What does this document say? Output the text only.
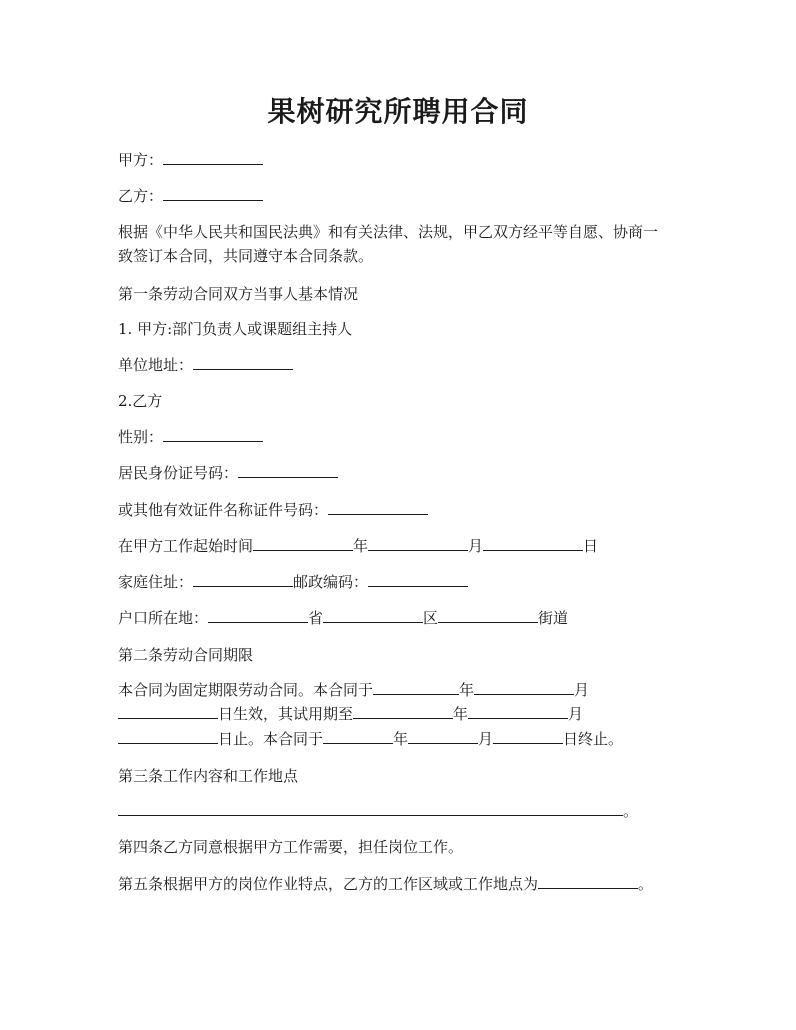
果树研究所聘用合同

甲方：

乙方：

根据《中华人民共和国民法典》和有关法律、法规，甲乙双方经平等自愿、协商一

致签订本合同，共同遵守本合同条款。

第一条劳动合同双方当事人基本情况

1. 甲方:部门负责人或课题组主持人

单位地址：

2.乙方

性别：

居民身份证号码：

或其他有效证件名称证件号码：

在甲方工作起始时间	年	月	日

家庭住址：	邮政编码：

户口所在地：	省	区	街道

第二条劳动合同期限

本合同为固定期限劳动合同。本合同于	年	月

日生效，其试用期至	年	月

日止。本合同于	年	月	日终止。

第三条工作内容和工作地点

。

第四条乙方同意根据甲方工作需要，担任岗位工作。

第五条根据甲方的岗位作业特点，乙方的工作区域或工作地点为	。
